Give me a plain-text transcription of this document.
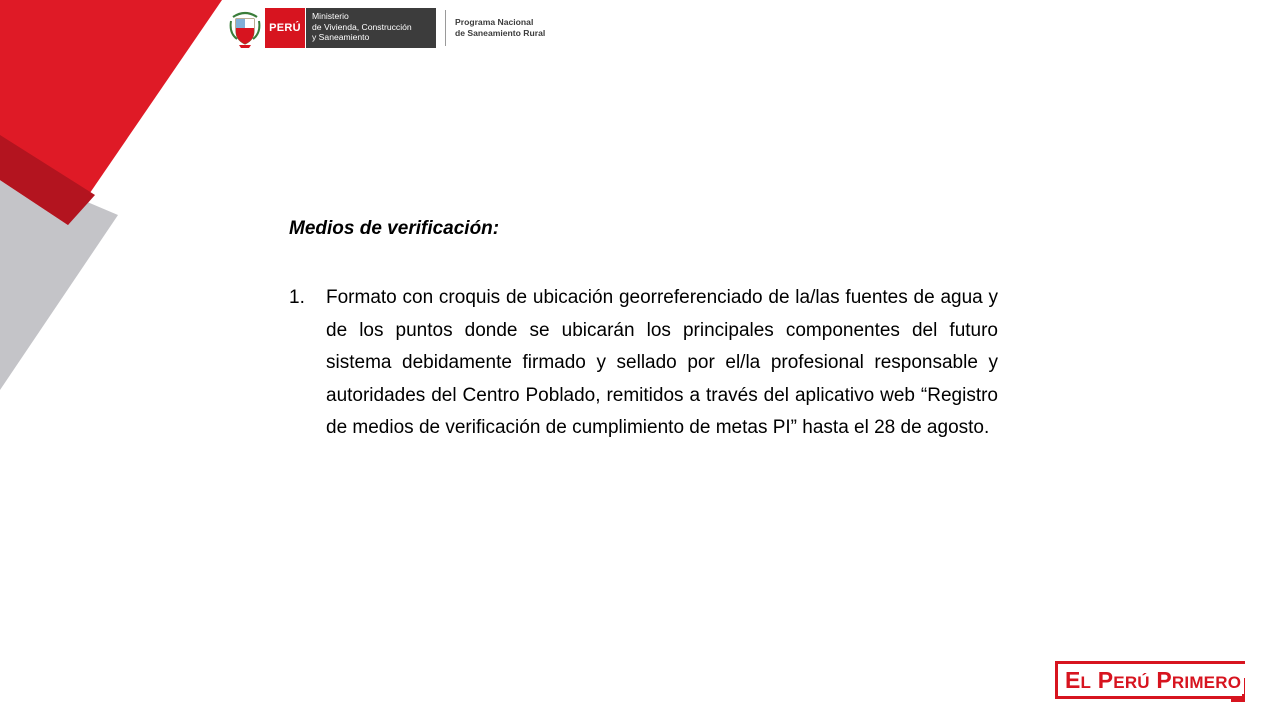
PERÚ
Ministerio
de Vivienda, Construcción
y Saneamiento
Programa Nacional
de Saneamiento Rural
Medios de verificación:
1. Formato con croquis de ubicación georreferenciado de la/las fuentes de agua y de los puntos donde se ubicarán los principales componentes del futuro sistema debidamente firmado y sellado por el/la profesional responsable y autoridades del Centro Poblado, remitidos a través del aplicativo web “Registro de medios de verificación de cumplimiento de metas PI” hasta el 28 de agosto.
EL PERÚ PRIMERO
